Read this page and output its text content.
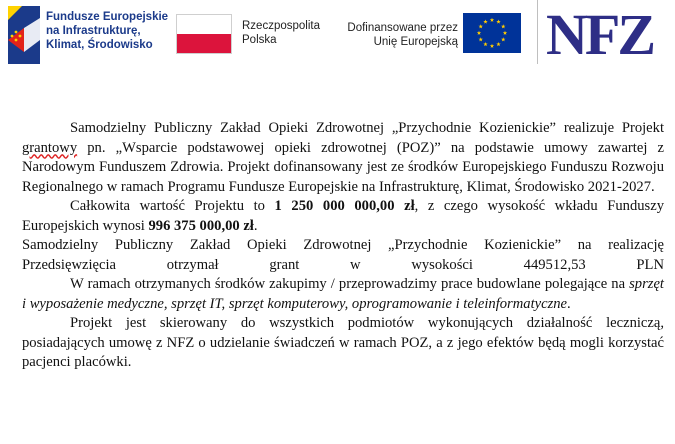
Fundusze Europejskie
na Infrastrukturę,
Klimat, Środowisko
Rzeczpospolita
Polska
Dofinansowane przez
Unię Europejską NFZ

Samodzielny Publiczny Zakład Opieki Zdrowotnej „Przychodnie Kozienickie” realizuje Projekt grantowy pn. „Wsparcie podstawowej opieki zdrowotnej (POZ)” na podstawie umowy zawartej z Narodowym Funduszem Zdrowia. Projekt dofinansowany jest ze środków Europejskiego Funduszu Rozwoju Regionalnego w ramach Programu Fundusze Europejskie na Infrastrukturę, Klimat, Środowisko 2021-2027.

Całkowita wartość Projektu to 1 250 000 000,00 zł, z czego wysokość wkładu Funduszy Europejskich wynosi 996 375 000,00 zł.

Samodzielny Publiczny Zakład Opieki Zdrowotnej „Przychodnie Kozienickie” na realizację

Przedsięwzięcia otrzymał grant w wysokości 449512,53 PLN

W ramach otrzymanych środków zakupimy / przeprowadzimy prace budowlane polegające na sprzęt i wyposażenie medyczne, sprzęt IT, sprzęt komputerowy, oprogramowanie i teleinformatyczne.

Projekt jest skierowany do wszystkich podmiotów wykonujących działalność leczniczą, posiadających umowę z NFZ o udzielanie świadczeń w ramach POZ, a z jego efektów będą mogli korzystać pacjenci placówki.
